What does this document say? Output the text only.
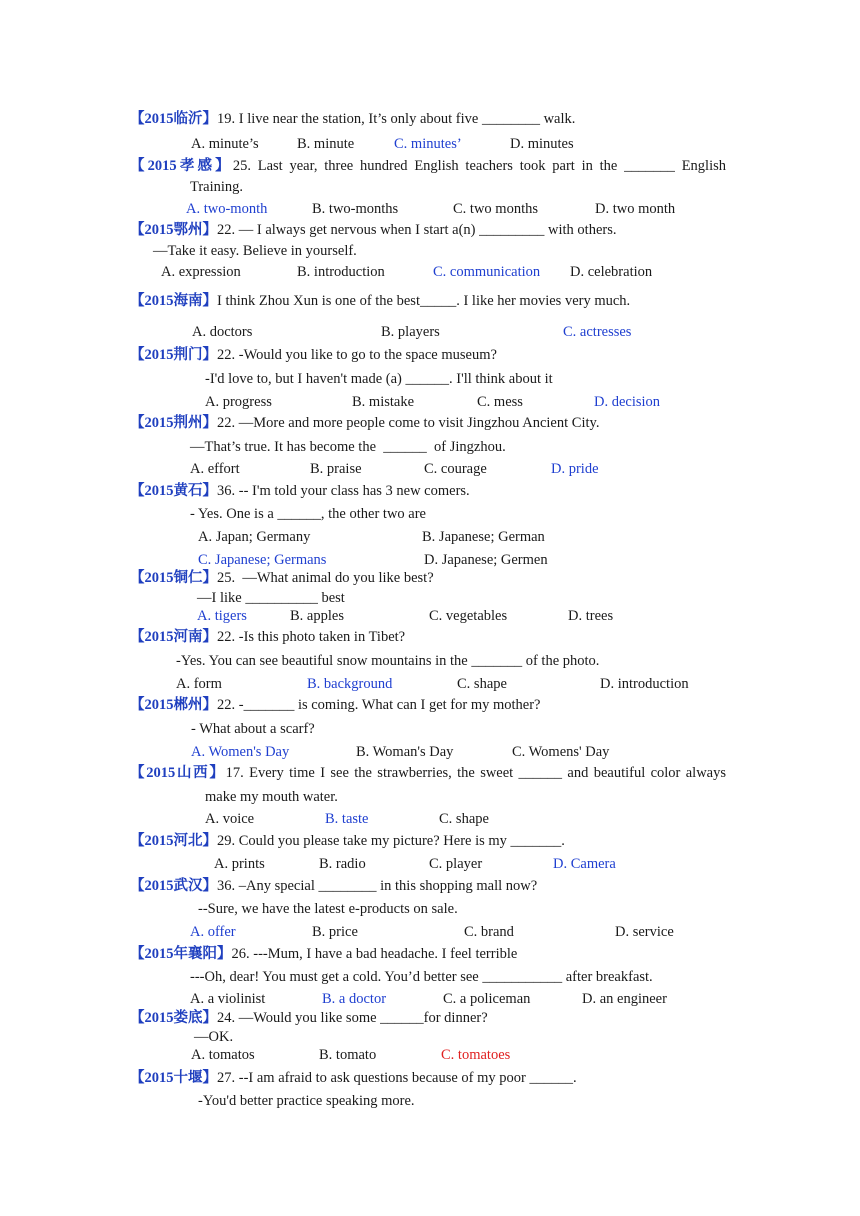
【2015临沂】19. I live near the station, It’s only about five ________ walk.
A. minute’s	B. minute	C. minutes’	D. minutes
【2015孝感】25. Last year, three hundred English teachers took part in the _______ English
Training.
A. two-month	B. two-months	C. two months	D. two month
【2015鄂州】22. — I always get nervous when I start a(n) _________ with others.
—Take it easy. Believe in yourself.
A. expression	B. introduction	C. communication D. celebration
【2015海南】I think Zhou Xun is one of the best_____. I like her movies very much.
A. doctors	B. players	C. actresses
【2015荆门】22. -Would you like to go to the space museum?
-I'd love to, but I haven't made (a) ______. I'll think about it
A. progress	B. mistake	C. mess	D. decision
【2015荆州】22. —More and more people come to visit Jingzhou Ancient City.
—That’s true. It has become the  ______  of Jingzhou.
A. effort	B. praise	C. courage	D. pride
【2015黄石】36. -- I'm told your class has 3 new comers.
- Yes. One is a ______, the other two are
A. Japan; Germany	B. Japanese; German
C. Japanese; Germans	D. Japanese; Germen
【2015铜仁】25.  —What animal do you like best?
—I like __________ best
A. tigers	B. apples	C. vegetables	D. trees
【2015河南】22. -Is this photo taken in Tibet?
-Yes. You can see beautiful snow mountains in the _______ of the photo.
A. form	B. background	C. shape	D. introduction
【2015郴州】22. -_______ is coming. What can I get for my mother?
- What about a scarf?
A. Women's Day	B. Woman's Day	C. Womens' Day
【2015山西】17. Every time I see the strawberries, the sweet ______ and beautiful color always
make my mouth water.
A. voice	B. taste	C. shape
【2015河北】29. Could you please take my picture? Here is my _______.
A. prints	B. radio	C. player	D. Camera
【2015武汉】36. –Any special ________ in this shopping mall now?
--Sure, we have the latest e-products on sale.
A. offer	B. price	C. brand	D. service
【2015年襄阳】26. ---Mum, I have a bad headache. I feel terrible
---Oh, dear! You must get a cold. You’d better see ___________ after breakfast.
A. a violinist	B. a doctor	C. a policeman	D. an engineer
【2015娄底】24. —Would you like some ______for dinner?
—OK.
A. tomatos	B. tomato	C. tomatoes
【2015十堰】27. --I am afraid to ask questions because of my poor ______.
-You'd better practice speaking more.
